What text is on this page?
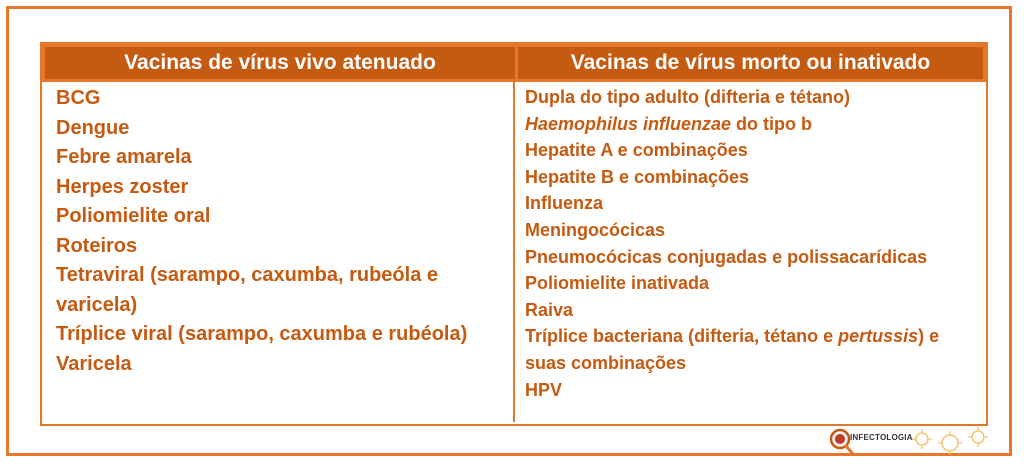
Vacinas de vírus vivo atenuado	Vacinas de vírus morto ou inativado
BCG
Dengue
Febre amarela
Herpes zoster
Poliomielite oral
Roteiros
Tetraviral (sarampo, caxumba, rubeóla e
varicela)
Tríplice viral (sarampo, caxumba e rubéola)
Varicela
Dupla do tipo adulto (difteria e tétano)
Haemophilus influenzae do tipo b
Hepatite A e combinações
Hepatite B e combinações
Influenza
Meningocócicas
Pneumocócicas conjugadas e polissacarídicas
Poliomielite inativada
Raiva
Tríplice bacteriana (difteria, tétano e pertussis) e
suas combinações
HPV
INFECTOLOGIA
